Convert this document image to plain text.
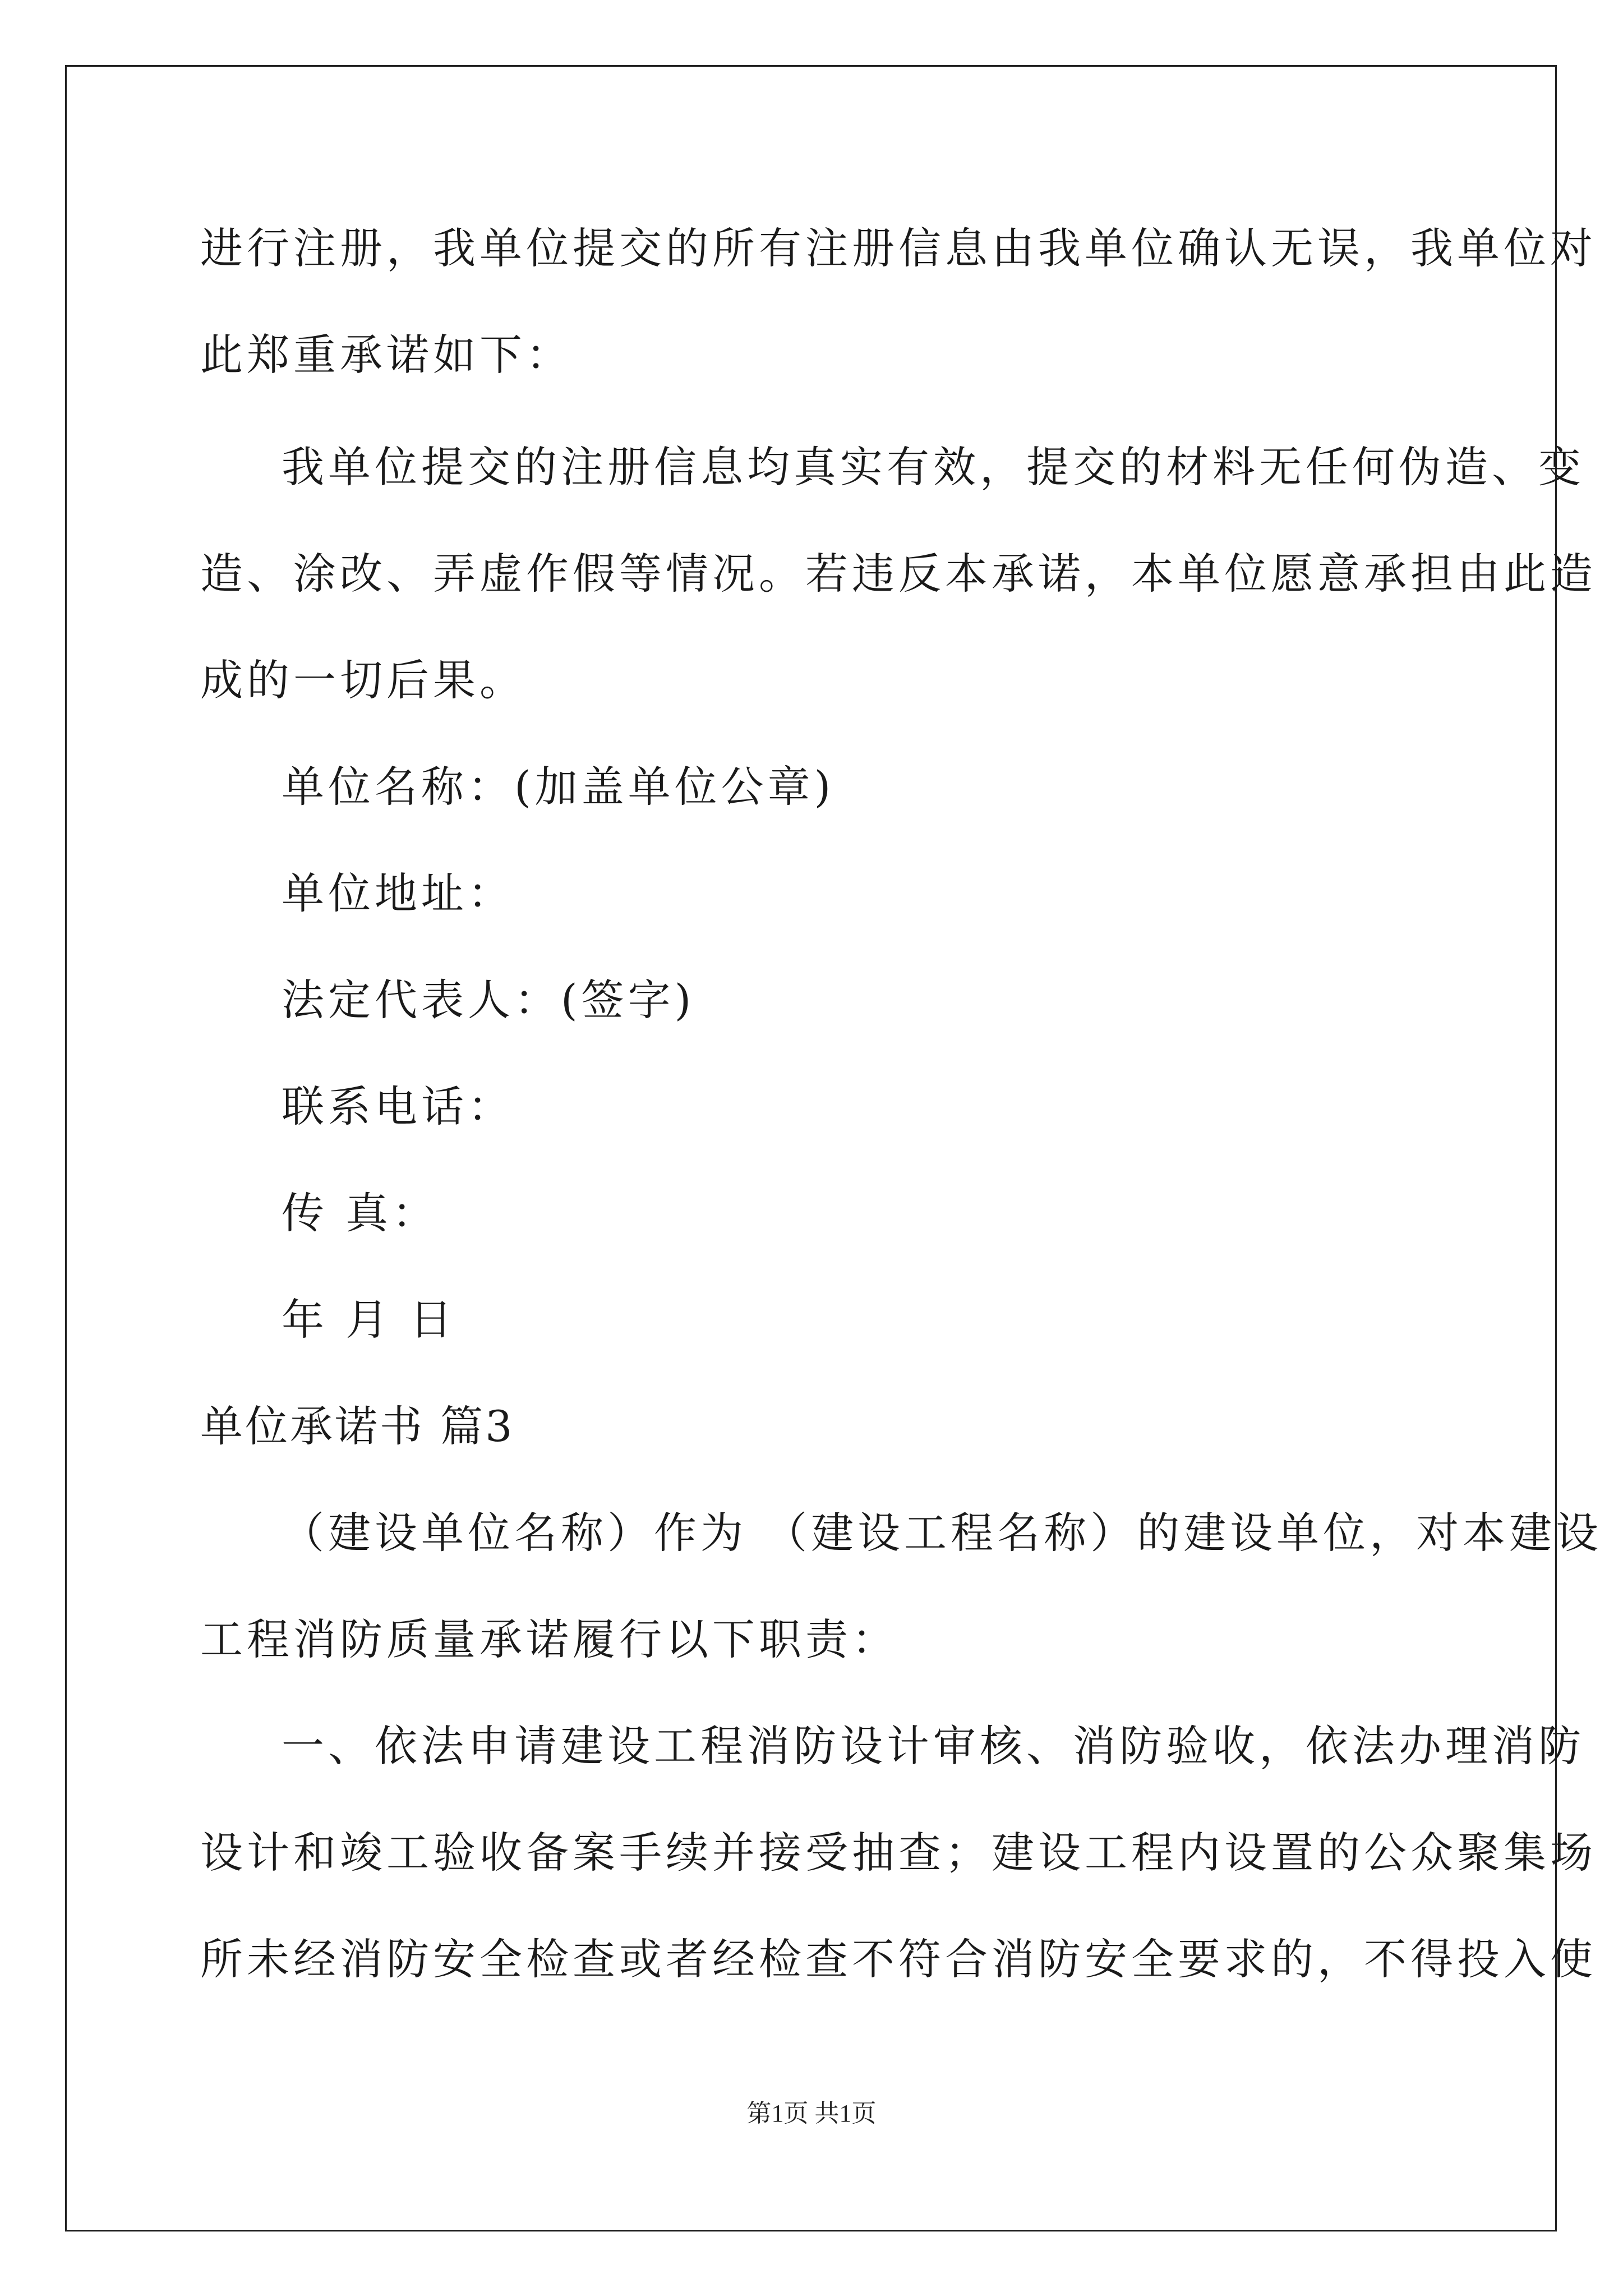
进行注册，我单位提交的所有注册信息由我单位确认无误，我单位对
此郑重承诺如下：
我单位提交的注册信息均真实有效，提交的材料无任何伪造、变
造、涂改、弄虚作假等情况。若违反本承诺，本单位愿意承担由此造
成的一切后果。
单位名称：(加盖单位公章)
单位地址：
法定代表人：(签字)
联系电话：
传 真：
年 月 日
单位承诺书 篇3
（建设单位名称）作为 （建设工程名称）的建设单位，对本建设
工程消防质量承诺履行以下职责：
一、依法申请建设工程消防设计审核、消防验收，依法办理消防
设计和竣工验收备案手续并接受抽查；建设工程内设置的公众聚集场
所未经消防安全检查或者经检查不符合消防安全要求的，不得投入使
第1页 共1页
